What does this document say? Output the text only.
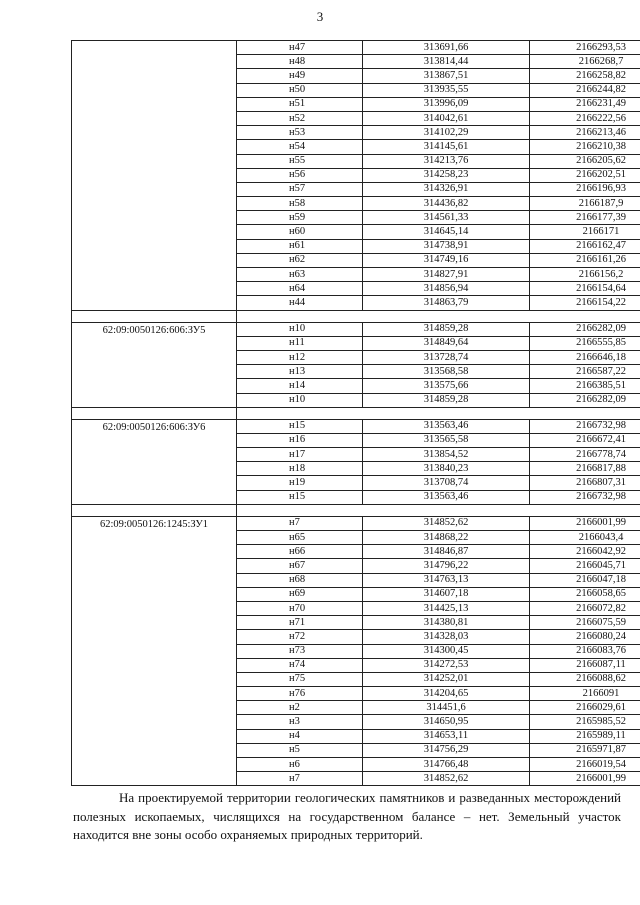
3
	н47	313691,66	2166293,53
	н48	313814,44	2166268,7
	н49	313867,51	2166258,82
	н50	313935,55	2166244,82
	н51	313996,09	2166231,49
	н52	314042,61	2166222,56
	н53	314102,29	2166213,46
	н54	314145,61	2166210,38
	н55	314213,76	2166205,62
	н56	314258,23	2166202,51
	н57	314326,91	2166196,93
	н58	314436,82	2166187,9
	н59	314561,33	2166177,39
	н60	314645,14	2166171
	н61	314738,91	2166162,47
	н62	314749,16	2166161,26
	н63	314827,91	2166156,2
	н64	314856,94	2166154,64
	н44	314863,79	2166154,22

62:09:0050126:606:ЗУ5	н10	314859,28	2166282,09
	н11	314849,64	2166555,85
	н12	313728,74	2166646,18
	н13	313568,58	2166587,22
	н14	313575,66	2166385,51
	н10	314859,28	2166282,09

62:09:0050126:606:ЗУ6	н15	313563,46	2166732,98
	н16	313565,58	2166672,41
	н17	313854,52	2166778,74
	н18	313840,23	2166817,88
	н19	313708,74	2166807,31
	н15	313563,46	2166732,98

62:09:0050126:1245:ЗУ1	н7	314852,62	2166001,99
	н65	314868,22	2166043,4
	н66	314846,87	2166042,92
	н67	314796,22	2166045,71
	н68	314763,13	2166047,18
	н69	314607,18	2166058,65
	н70	314425,13	2166072,82
	н71	314380,81	2166075,59
	н72	314328,03	2166080,24
	н73	314300,45	2166083,76
	н74	314272,53	2166087,11
	н75	314252,01	2166088,62
	н76	314204,65	2166091
	н2	314451,6	2166029,61
	н3	314650,95	2165985,52
	н4	314653,11	2165989,11
	н5	314756,29	2165971,87
	н6	314766,48	2166019,54
	н7	314852,62	2166001,99

На проектируемой территории геологических памятников и разведанных месторождений полезных ископаемых, числящихся на государственном балансе – нет. Земельный участок находится вне зоны особо охраняемых природных территорий.
